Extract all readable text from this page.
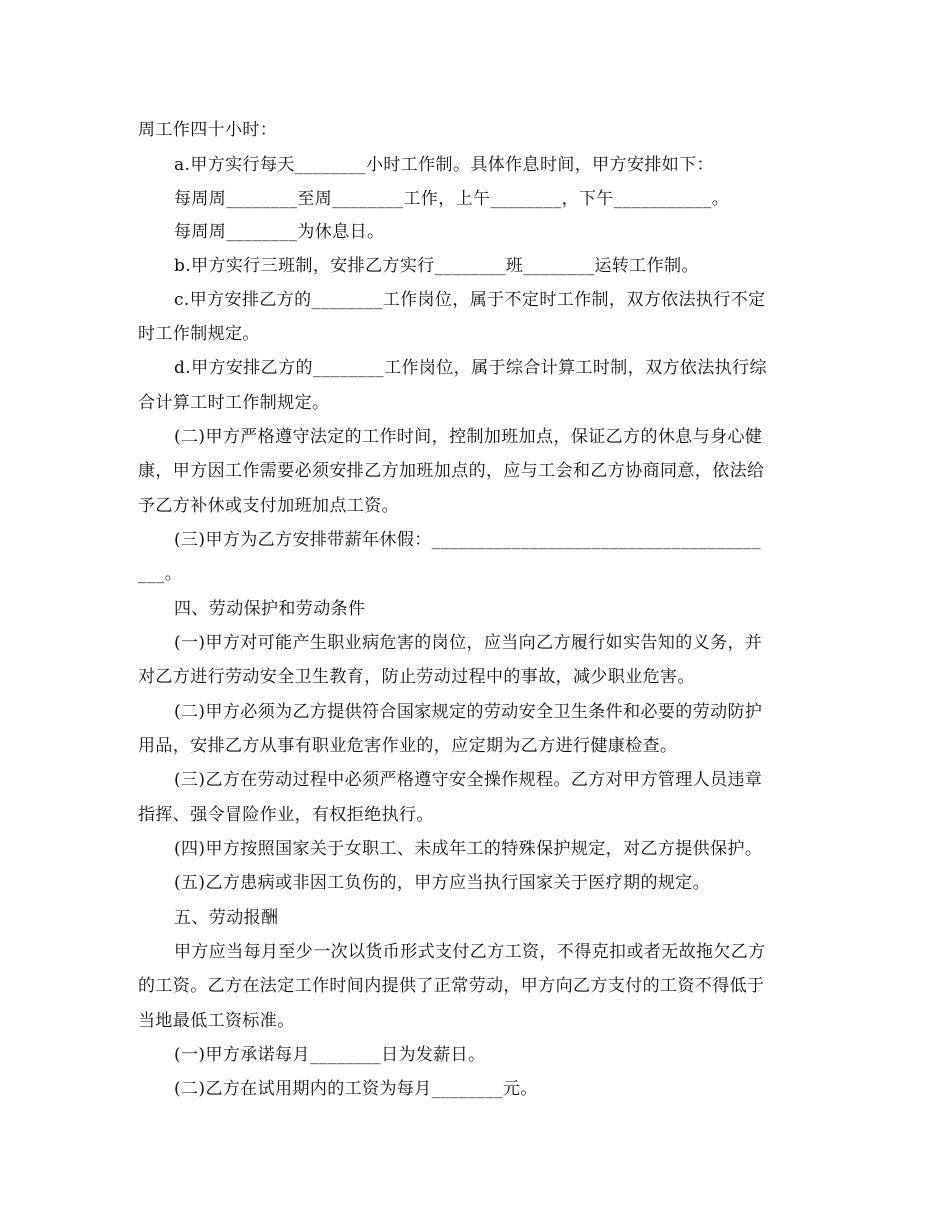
周工作四十小时：
a.甲方实行每天________小时工作制。具体作息时间，甲方安排如下：
每周周________至周________工作，上午________，下午___________。
每周周________为休息日。
b.甲方实行三班制，安排乙方实行________班________运转工作制。
c.甲方安排乙方的________工作岗位，属于不定时工作制，双方依法执行不定
时工作制规定。
d.甲方安排乙方的________工作岗位，属于综合计算工时制，双方依法执行综
合计算工时工作制规定。
(二)甲方严格遵守法定的工作时间，控制加班加点，保证乙方的休息与身心健
康，甲方因工作需要必须安排乙方加班加点的，应与工会和乙方协商同意，依法给
予乙方补休或支付加班加点工资。
(三)甲方为乙方安排带薪年休假：_____________________________________
___。
四、劳动保护和劳动条件
(一)甲方对可能产生职业病危害的岗位，应当向乙方履行如实告知的义务，并
对乙方进行劳动安全卫生教育，防止劳动过程中的事故，减少职业危害。
(二)甲方必须为乙方提供符合国家规定的劳动安全卫生条件和必要的劳动防护
用品，安排乙方从事有职业危害作业的，应定期为乙方进行健康检查。
(三)乙方在劳动过程中必须严格遵守安全操作规程。乙方对甲方管理人员违章
指挥、强令冒险作业，有权拒绝执行。
(四)甲方按照国家关于女职工、未成年工的特殊保护规定，对乙方提供保护。
(五)乙方患病或非因工负伤的，甲方应当执行国家关于医疗期的规定。
五、劳动报酬
甲方应当每月至少一次以货币形式支付乙方工资，不得克扣或者无故拖欠乙方
的工资。乙方在法定工作时间内提供了正常劳动，甲方向乙方支付的工资不得低于
当地最低工资标准。
(一)甲方承诺每月________日为发薪日。
(二)乙方在试用期内的工资为每月________元。
